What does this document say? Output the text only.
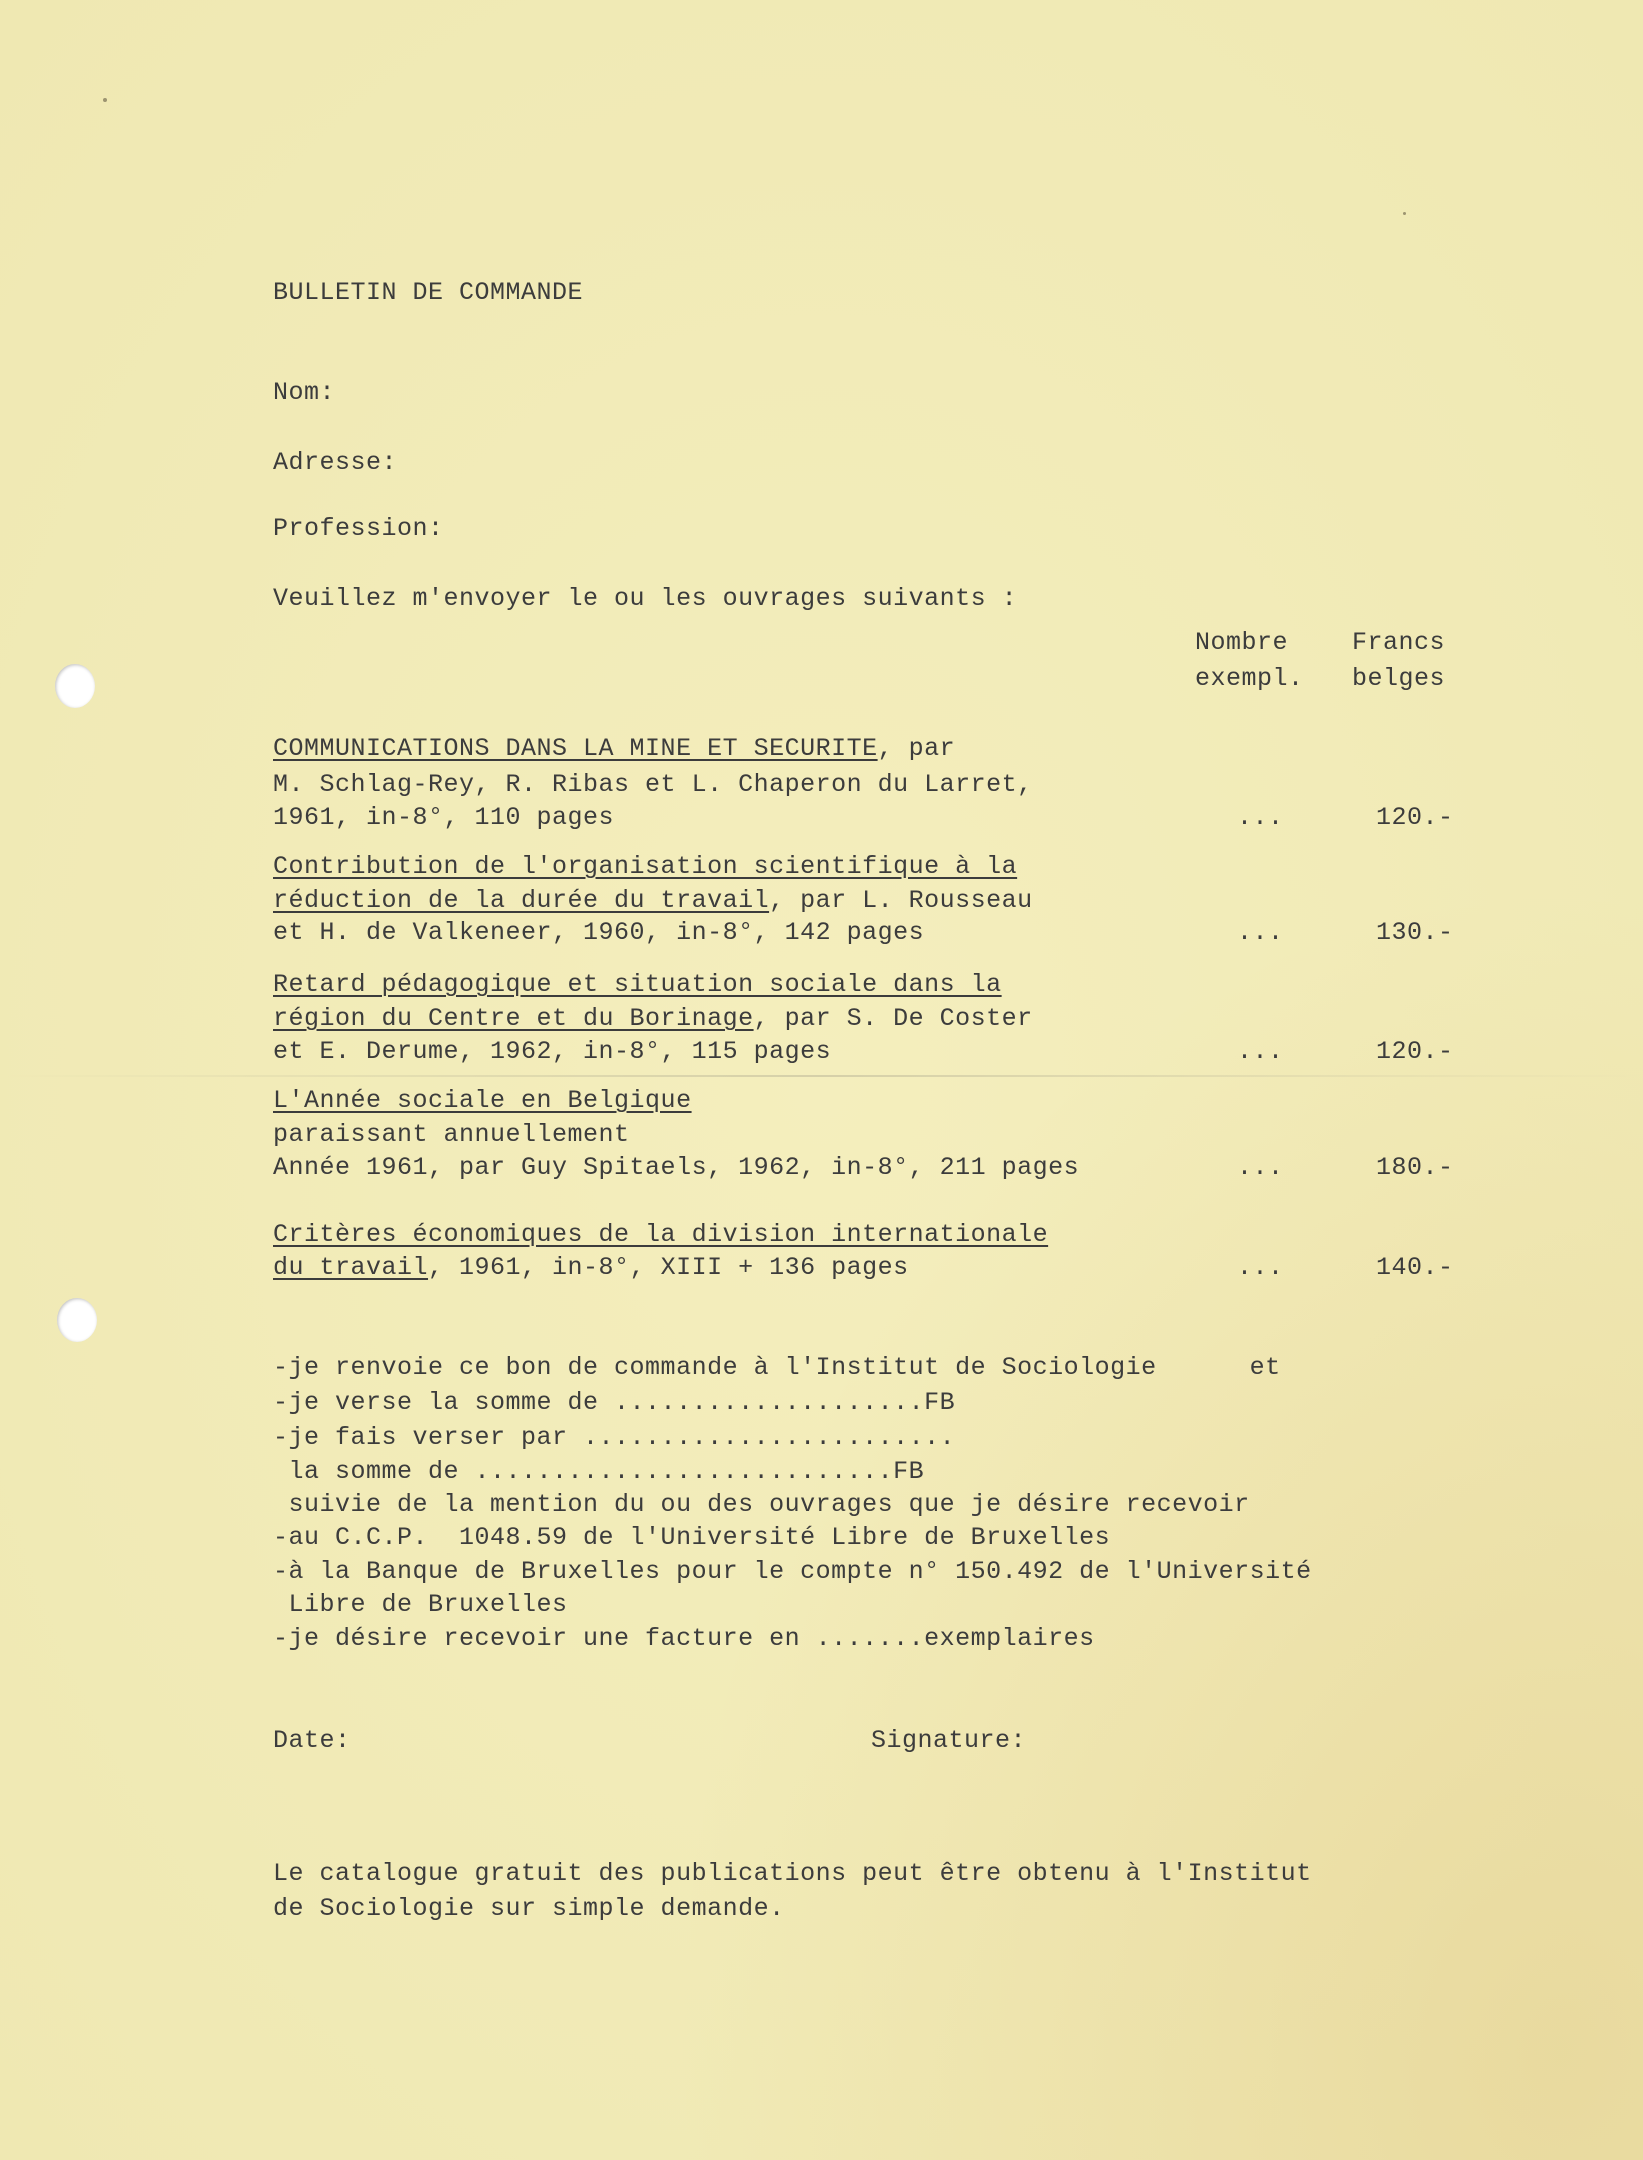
BULLETIN DE COMMANDE
Nom:
Adresse:
Profession:
Veuillez m'envoyer le ou les ouvrages suivants :
Nombre
exempl.
Francs
belges
COMMUNICATIONS DANS LA MINE ET SECURITE, par
M. Schlag-Rey, R. Ribas et L. Chaperon du Larret,
1961, in-8°, 110 pages	...	120.-
Contribution de l'organisation scientifique à la
réduction de la durée du travail, par L. Rousseau
et H. de Valkeneer, 1960, in-8°, 142 pages	...	130.-
Retard pédagogique et situation sociale dans la
région du Centre et du Borinage, par S. De Coster
et E. Derume, 1962, in-8°, 115 pages	...	120.-
L'Année sociale en Belgique
paraissant annuellement
Année 1961, par Guy Spitaels, 1962, in-8°, 211 pages	...	180.-
Critères économiques de la division internationale
du travail, 1961, in-8°, XIII + 136 pages	...	140.-
-je renvoie ce bon de commande à l'Institut de Sociologie      et
-je verse la somme de ....................FB
-je fais verser par ........................
la somme de ...........................FB
suivie de la mention du ou des ouvrages que je désire recevoir
-au C.C.P.  1048.59 de l'Université Libre de Bruxelles
-à la Banque de Bruxelles pour le compte n° 150.492 de l'Université
Libre de Bruxelles
-je désire recevoir une facture en .......exemplaires
Date:	Signature:
Le catalogue gratuit des publications peut être obtenu à l'Institut
de Sociologie sur simple demande.
